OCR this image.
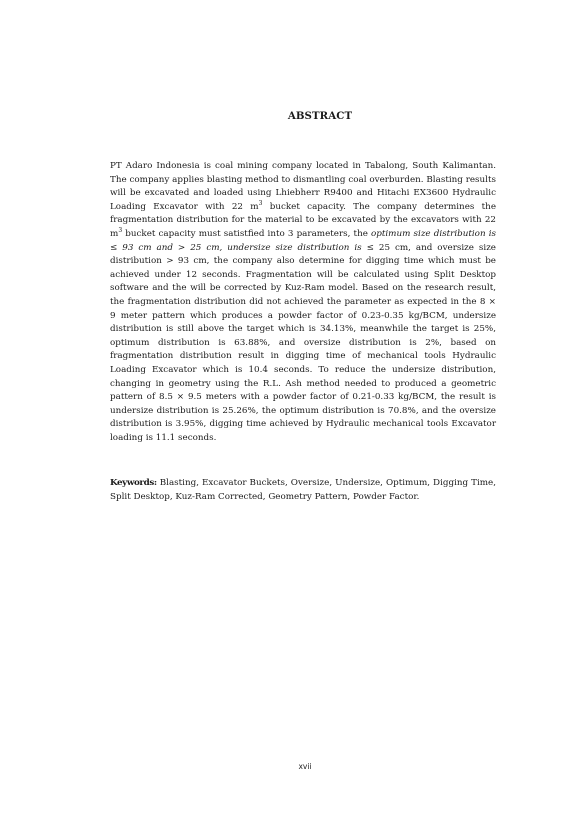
ABSTRACT
PT Adaro Indonesia is coal mining company located in Tabalong, South Kalimantan. The company applies blasting method to dismantling coal overburden. Blasting results will be excavated and loaded using Lhiebherr R9400 and Hitachi EX3600 Hydraulic Loading Excavator with 22 $m^3$ bucket capacity. The company determines the fragmentation distribution for the material to be excavated by the excavators with 22 $m^3$ bucket capacity must satistfied into 3 parameters, the optimum size distribution is ≤ 93 cm and > 25 cm, undersize size distribution is ≤ 25 cm, and oversize size distribution > 93 cm, the company also determine for digging time which must be achieved under 12 seconds. Fragmentation will be calculated using Split Desktop software and the will be corrected by Kuz-Ram model. Based on the research result, the fragmentation distribution did not achieved the parameter as expected in the 8 × 9 meter pattern which produces a powder factor of 0.23-0.35 kg/BCM, undersize distribution is still above the target which is 34.13%, meanwhile the target is 25%, optimum distribution is 63.88%, and oversize distribution is 2%, based on fragmentation distribution result in digging time of mechanical tools Hydraulic Loading Excavator which is 10.4 seconds. To reduce the undersize distribution, changing in geometry using the R.L. Ash method needed to produced a geometric pattern of 8.5 × 9.5 meters with a powder factor of 0.21-0.33 kg/BCM, the result is undersize distribution is 25.26%, the optimum distribution is 70.8%, and the oversize distribution is 3.95%, digging time achieved by Hydraulic mechanical tools Excavator loading is 11.1 seconds.
Keywords: Blasting, Excavator Buckets, Oversize, Undersize, Optimum, Digging Time, Split Desktop, Kuz-Ram Corrected, Geometry Pattern, Powder Factor.
xvii
